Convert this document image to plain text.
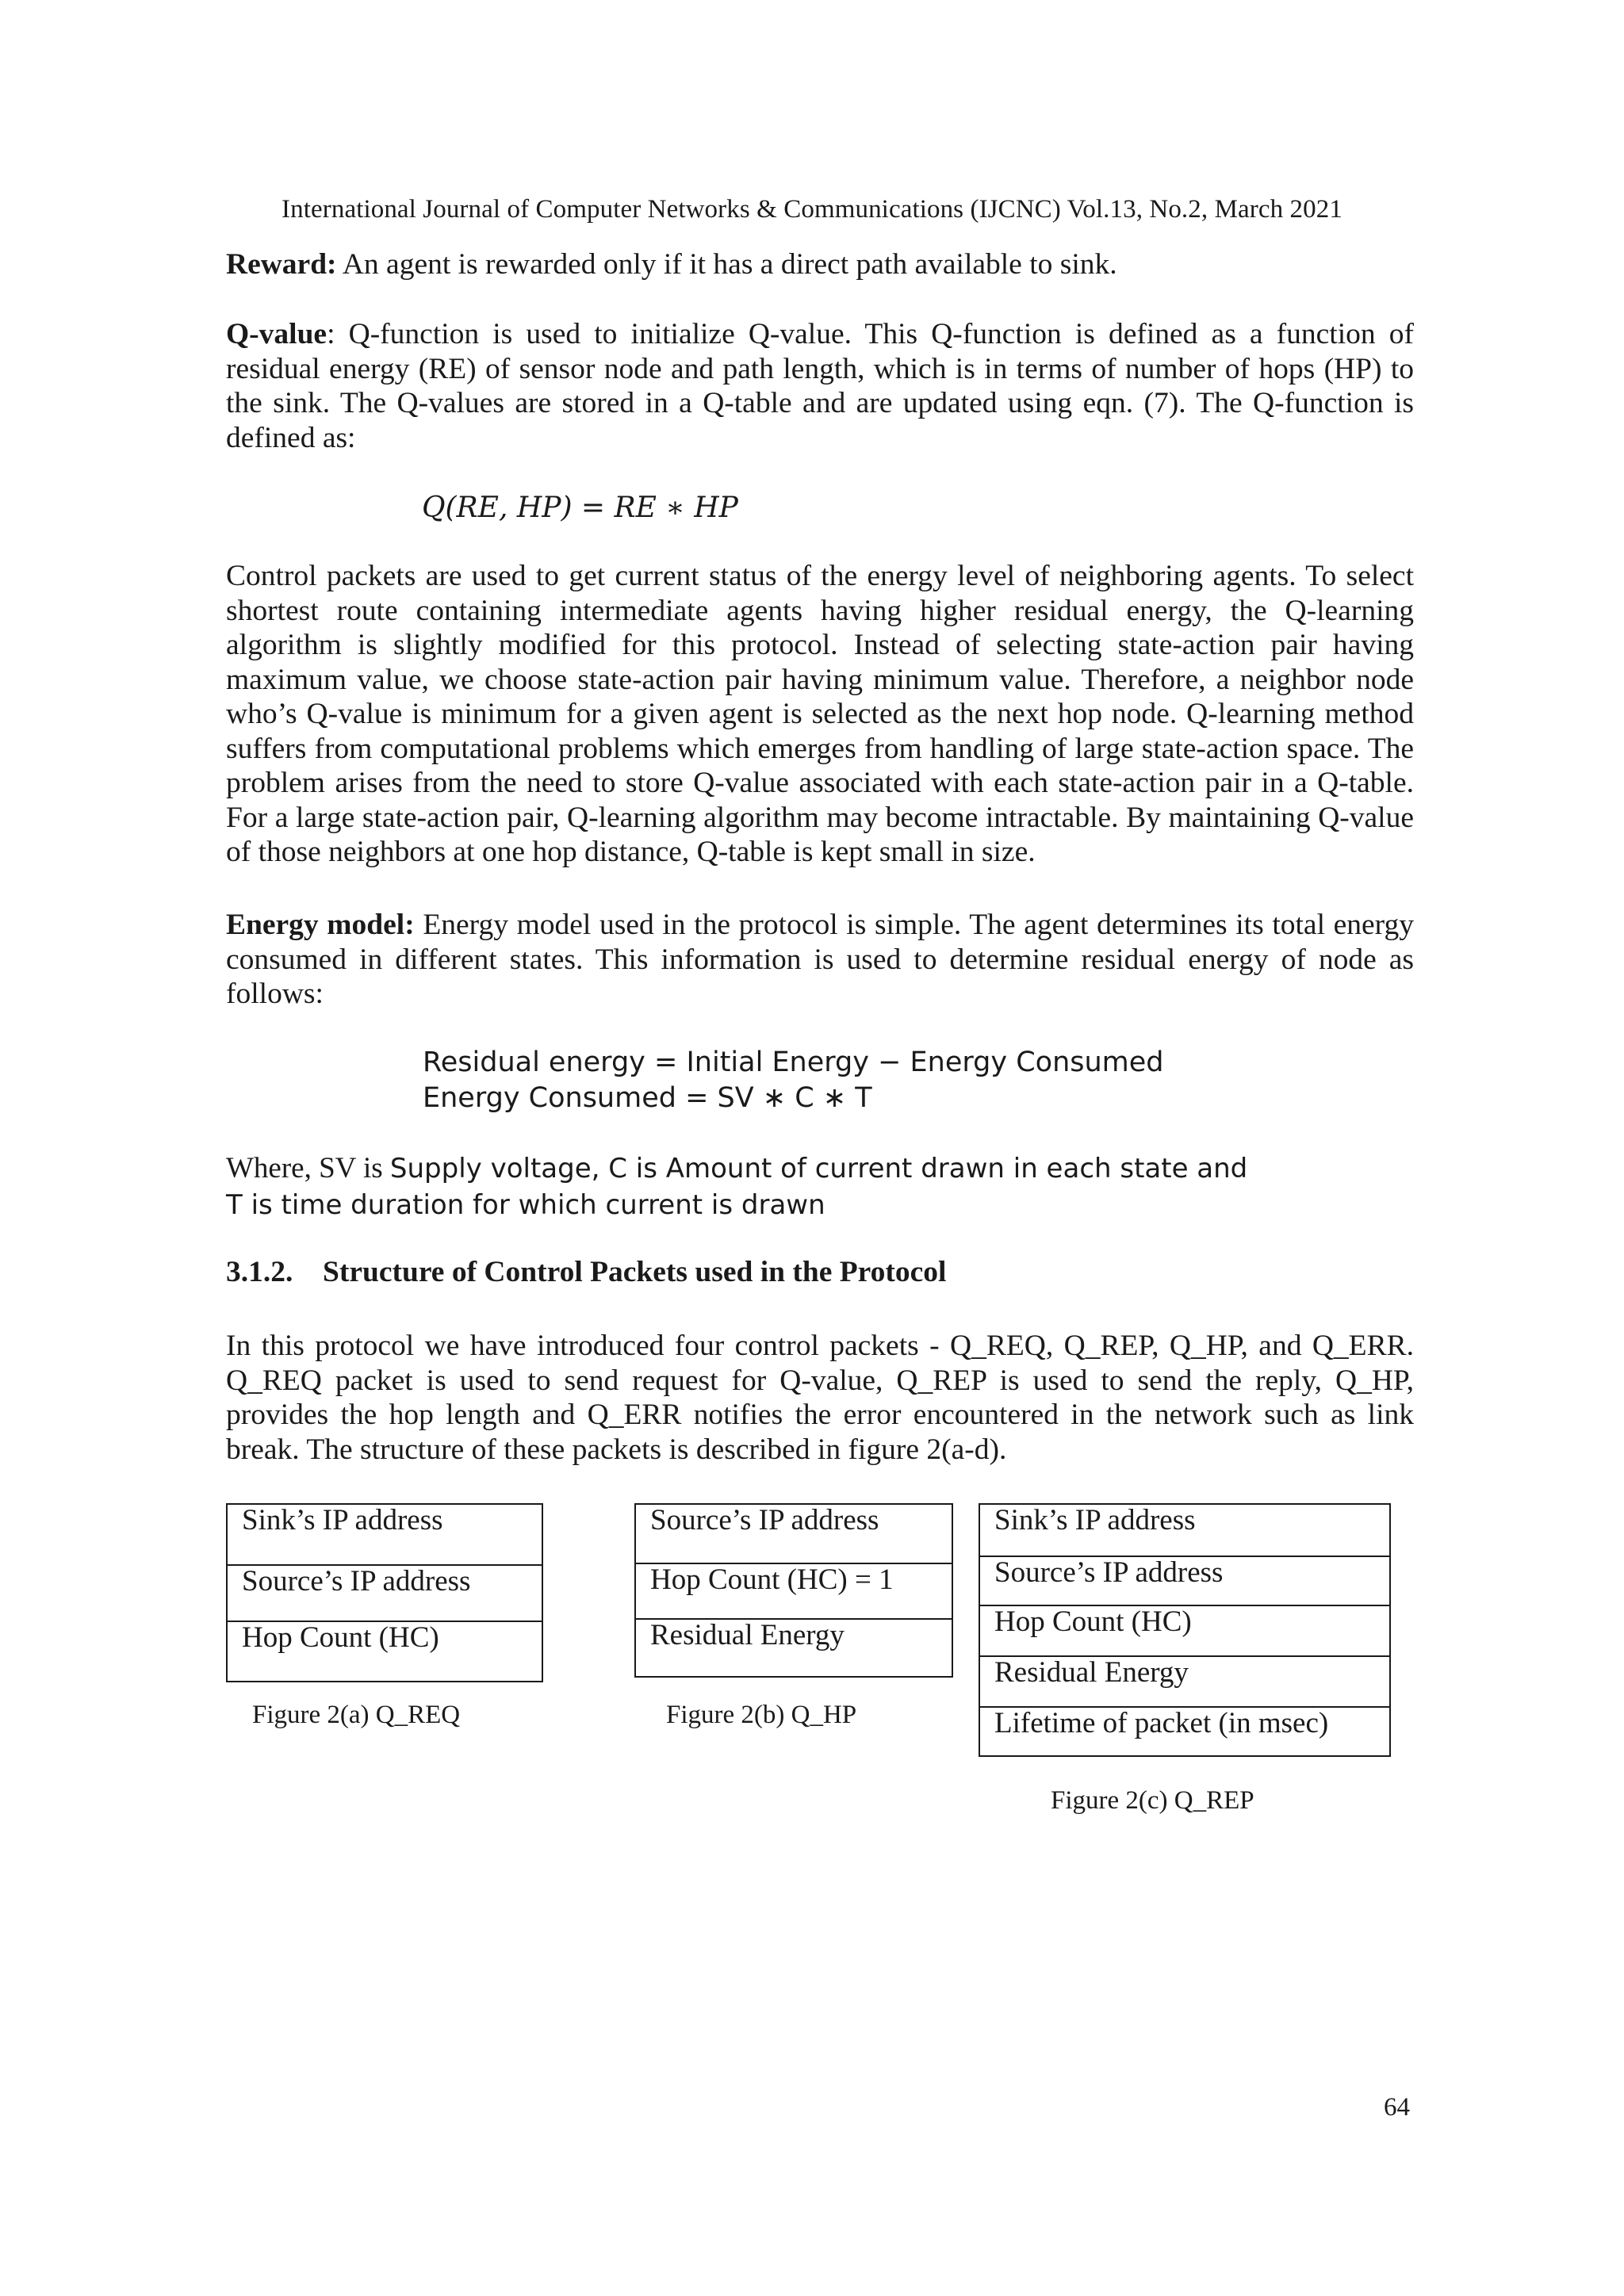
International Journal of Computer Networks & Communications (IJCNC) Vol.13, No.2, March 2021
Reward: An agent is rewarded only if it has a direct path available to sink.
Q-value: Q-function is used to initialize Q-value. This Q-function is defined as a function of residual energy (RE) of sensor node and path length, which is in terms of number of hops (HP) to the sink. The Q-values are stored in a Q-table and are updated using eqn. (7). The Q-function is defined as:
Q(RE, HP) = RE ∗ HP
Control packets are used to get current status of the energy level of neighboring agents. To select shortest route containing intermediate agents having higher residual energy, the Q-learning algorithm is slightly modified for this protocol. Instead of selecting state-action pair having maximum value, we choose state-action pair having minimum value. Therefore, a neighbor node who’s Q-value is minimum for a given agent is selected as the next hop node. Q-learning method suffers from computational problems which emerges from handling of large state-action space. The problem arises from the need to store Q-value associated with each state-action pair in a Q-table. For a large state-action pair, Q-learning algorithm may become intractable. By maintaining Q-value of those neighbors at one hop distance, Q-table is kept small in size.
Energy model: Energy model used in the protocol is simple. The agent determines its total energy consumed in different states. This information is used to determine residual energy of node as follows:
Residual energy = Initial Energy − Energy Consumed
Energy Consumed = SV ∗ C ∗ T
Where, SV is Supply voltage, C is Amount of current drawn in each state and
T is time duration for which current is drawn
3.1.2. Structure of Control Packets used in the Protocol
In this protocol we have introduced four control packets - Q_REQ, Q_REP, Q_HP, and Q_ERR. Q_REQ packet is used to send request for Q-value, Q_REP is used to send the reply, Q_HP, provides the hop length and Q_ERR notifies the error encountered in the network such as link break. The structure of these packets is described in figure 2(a-d).
Sink’s IP address
Source’s IP address
Hop Count (HC)
Figure 2(a) Q_REQ
Source’s IP address
Hop Count (HC) = 1
Residual Energy
Figure 2(b) Q_HP
Sink’s IP address
Source’s IP address
Hop Count (HC)
Residual Energy
Lifetime of packet (in msec)
Figure 2(c) Q_REP
64
